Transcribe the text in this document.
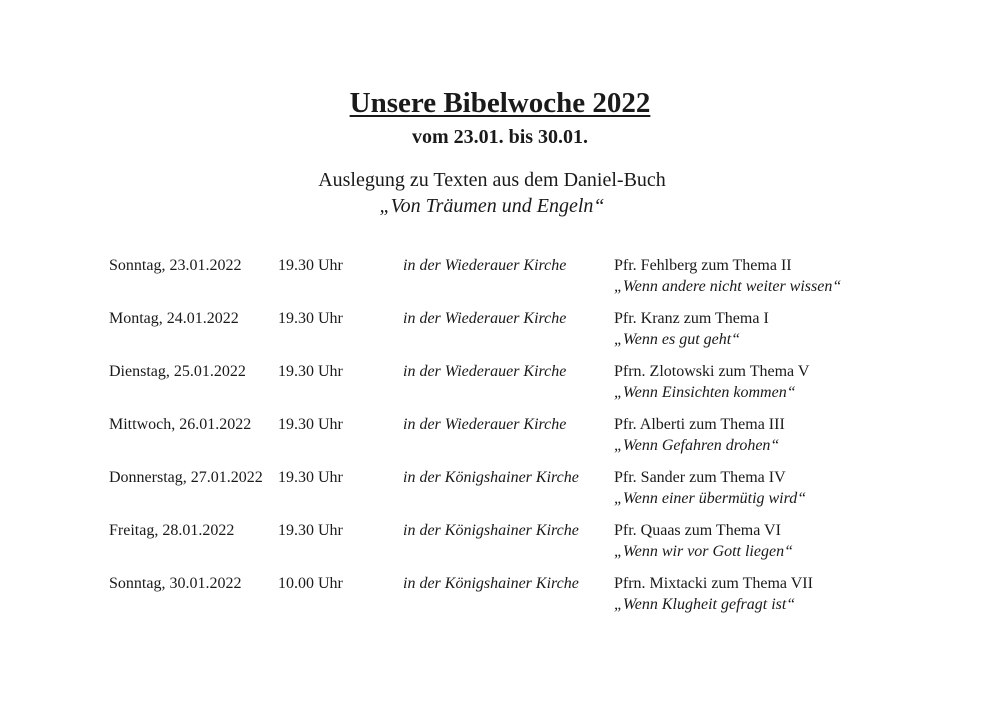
Unsere Bibelwoche 2022
vom 23.01. bis 30.01.
Auslegung zu Texten aus dem Daniel-Buch
„Von Träumen und Engeln“
Sonntag, 23.01.2022 19.30 Uhr	in der Wiederauer Kirche	Pfr. Fehlberg zum Thema II
„Wenn andere nicht weiter wissen“
Montag, 24.01.2022 19.30 Uhr	in der Wiederauer Kirche	Pfr. Kranz zum Thema I
„Wenn es gut geht“
Dienstag, 25.01.2022 19.30 Uhr	in der Wiederauer Kirche	Pfrn. Zlotowski zum Thema V
„Wenn Einsichten kommen“
Mittwoch, 26.01.2022 19.30 Uhr	in der Wiederauer Kirche	Pfr. Alberti zum Thema III
„Wenn Gefahren drohen“
Donnerstag, 27.01.2022 19.30 Uhr	in der Königshainer Kirche Pfr. Sander zum Thema IV
„Wenn einer übermütig wird“
Freitag, 28.01.2022	19.30 Uhr	in der Königshainer Kirche Pfr. Quaas zum Thema VI
„Wenn wir vor Gott liegen“
Sonntag, 30.01.2022 10.00 Uhr	in der Königshainer Kirche Pfrn. Mixtacki zum Thema VII
„Wenn Klugheit gefragt ist“
